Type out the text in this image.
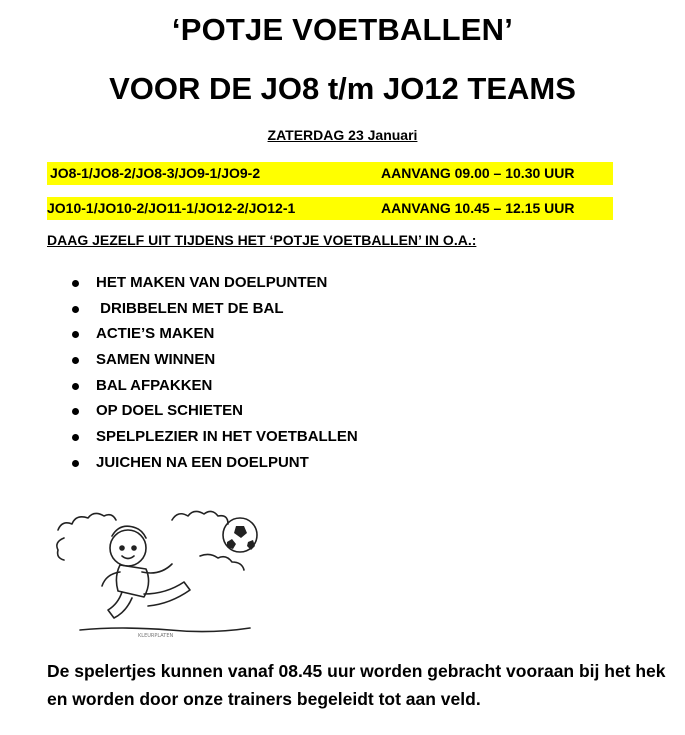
‘POTJE VOETBALLEN’
VOOR DE JO8 t/m JO12 TEAMS
ZATERDAG 23 Januari
JO8-1/JO8-2/JO8-3/JO9-1/JO9-2	AANVANG 09.00 – 10.30 UUR
JO10-1/JO10-2/JO11-1/JO12-2/JO12-1	AANVANG 10.45 – 12.15 UUR
DAAG JEZELF UIT TIJDENS HET ‘POTJE VOETBALLEN’ IN O.A.:
HET MAKEN VAN DOELPUNTEN
DRIBBELEN MET DE BAL
ACTIE’S MAKEN
SAMEN WINNEN
BAL AFPAKKEN
OP DOEL SCHIETEN
SPELPLEZIER IN HET VOETBALLEN
JUICHEN NA EEN DOELPUNT
KLEURPLATEN
De spelertjes kunnen vanaf 08.45 uur worden gebracht vooraan bij het hek en worden door onze trainers begeleidt tot aan veld.
